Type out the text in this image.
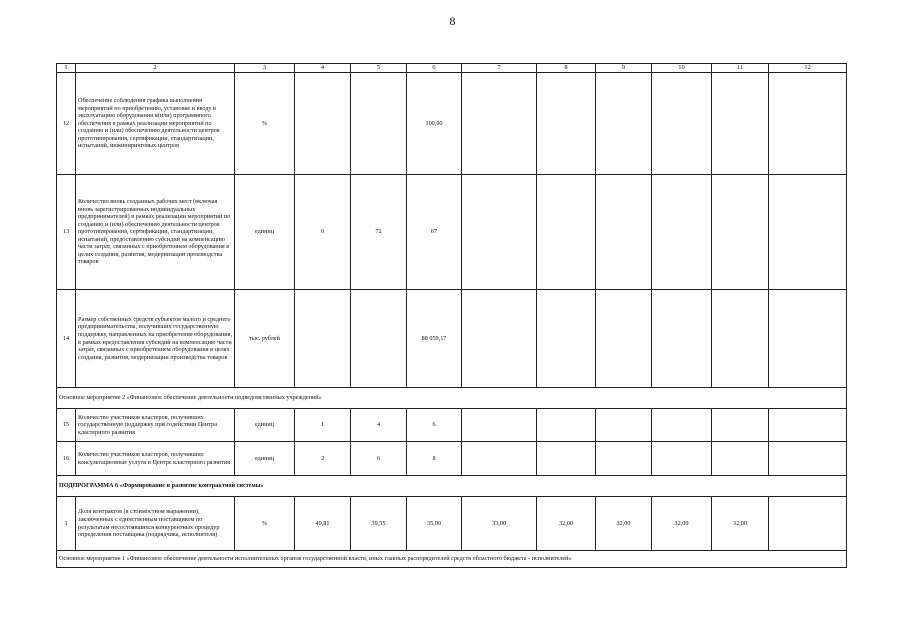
8
1	2	3	4	5	6	7	8	9	10	11	12
12	Обеспечение соблюдения графика выполнения мероприятий по приобретению, установке и вводу в эксплуатацию оборудования и(или) программного обеспечения в рамках реализации мероприятий по созданию и (или) обеспечению деятельности центров прототипирования, сертификации, стандартизации, испытаний, инжиниринговых центров	%			100,00						
13	Количество вновь созданных рабочих мест (включая вновь зарегистрированных индивидуальных предпринимателей) в рамках реализации мероприятий по созданию и (или) обеспечению деятельности центров прототипирования, сертификации, стандартизации, испытаний, предоставлению субсидий на компенсацию части затрат, связанных с приобретением оборудования в целях создания, развития, модернизации производства товаров	единиц	0	72	67						
14	Размер собственных средств субъектов малого и среднего предпринимательства, получивших государственную поддержку, направленных на приобретение оборудования, в рамках предоставления субсидий на компенсацию части затрат, связанных с приобретением оборудования в целях создания, развития, модернизации производства товаров	тыс. рублей			88 059,17						
Основное мероприятие 2 «Финансовое обеспечение деятельности подведомственных учреждений»											
15	Количество участников кластеров, получивших государственную поддержку при содействии Центра кластерного развития	единиц	1	4	6						
16	Количество участников кластеров, получивших консультационные услуги в Центре кластерного развития	единиц	2	6	8						
ПОДПРОГРАММА 6 «Формирование и развитие контрактной системы»											
1	Доля контрактов (в стоимостном выражении), заключенных с единственным поставщиком по результатам несостоявшихся конкурентных процедур определения поставщика (подрядчика, исполнителя)	%	49,81	39,55	35,00	33,00	32,00	32,00	32,00	32,00	
Основное мероприятие 1 «Финансовое обеспечение деятельности исполнительных органов государственной власти, иных главных распорядителей средств областного бюджета - исполнителей»											
